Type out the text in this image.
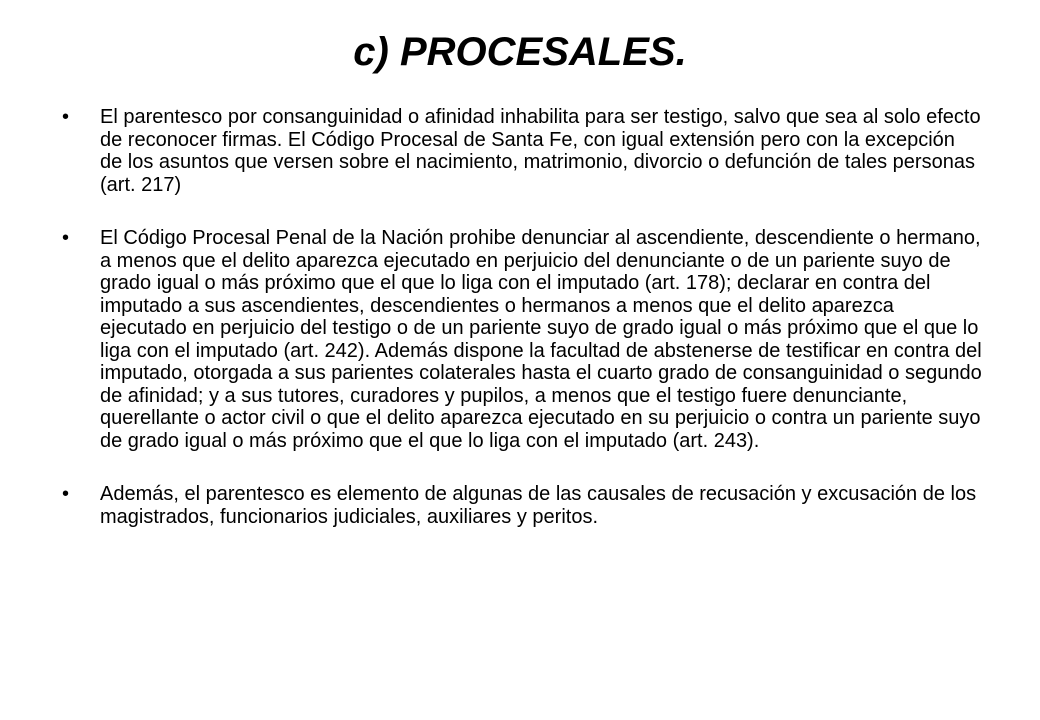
c) PROCESALES.
•	El parentesco por consanguinidad o afinidad inhabilita para ser testigo, salvo que sea al solo efecto de reconocer firmas. El Código Procesal de Santa Fe, con igual extensión pero con la excepción de los asuntos que versen sobre el nacimiento, matrimonio, divorcio o defunción de tales personas (art. 217)
•	El Código Procesal Penal de la Nación prohibe denunciar al ascendiente, descendiente o hermano, a menos que el delito aparezca ejecutado en perjuicio del denunciante o de un pariente suyo de grado igual o más próximo que el que lo liga con el imputado (art. 178); declarar en contra del imputado a sus ascendientes, descendientes o hermanos a menos que el delito aparezca ejecutado en perjuicio del testigo o de un pariente suyo de grado igual o más próximo que el que lo liga con el imputado (art. 242). Además dispone la facultad de abstenerse de testificar en contra del imputado, otorgada a sus parientes colaterales hasta el cuarto grado de consanguinidad o segundo de afinidad; y a sus tutores, curadores y pupilos, a menos que el testigo fuere denunciante, querellante o actor civil o que el delito aparezca ejecutado en su perjuicio o contra un pariente suyo de grado igual o más próximo que el que lo liga con el imputado (art. 243).
•	Además, el parentesco es elemento de algunas de las causales de recusación y excusación de los magistrados, funcionarios judiciales, auxiliares y peritos.
